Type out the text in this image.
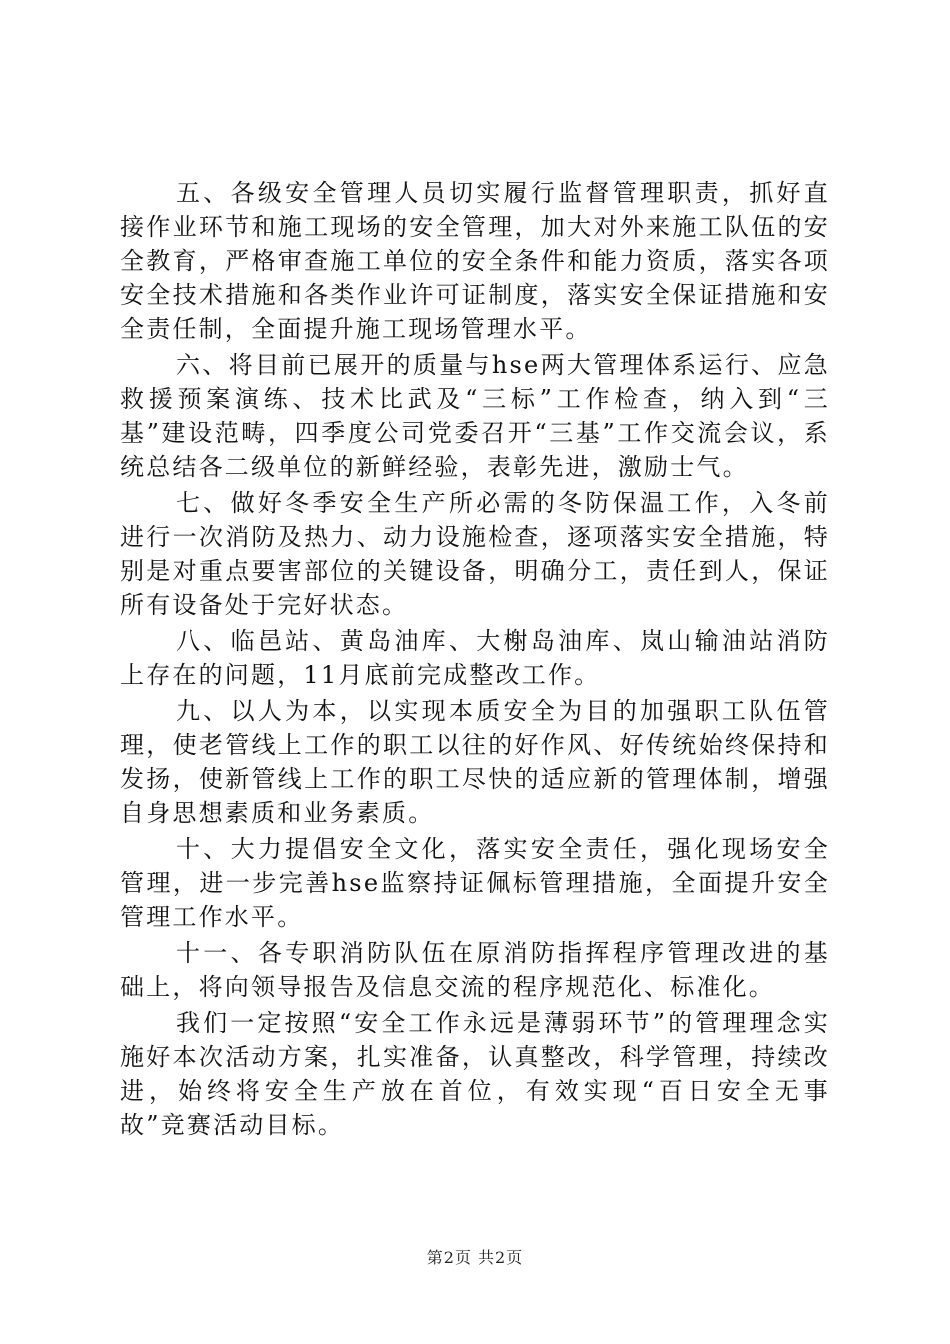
五、各级安全管理人员切实履行监督管理职责，抓好直接作业环节和施工现场的安全管理，加大对外来施工队伍的安全教育，严格审查施工单位的安全条件和能力资质，落实各项安全技术措施和各类作业许可证制度，落实安全保证措施和安全责任制，全面提升施工现场管理水平。

六、将目前已展开的质量与hse两大管理体系运行、应急救援预案演练、技术比武及“三标”工作检查，纳入到“三基”建设范畴，四季度公司党委召开“三基”工作交流会议，系统总结各二级单位的新鲜经验，表彰先进，激励士气。

七、做好冬季安全生产所必需的冬防保温工作，入冬前进行一次消防及热力、动力设施检查，逐项落实安全措施，特别是对重点要害部位的关键设备，明确分工，责任到人，保证所有设备处于完好状态。

八、临邑站、黄岛油库、大榭岛油库、岚山输油站消防上存在的问题，11月底前完成整改工作。

九、以人为本，以实现本质安全为目的加强职工队伍管理，使老管线上工作的职工以往的好作风、好传统始终保持和发扬，使新管线上工作的职工尽快的适应新的管理体制，增强自身思想素质和业务素质。

十、大力提倡安全文化，落实安全责任，强化现场安全管理，进一步完善hse监察持证佩标管理措施，全面提升安全管理工作水平。

十一、各专职消防队伍在原消防指挥程序管理改进的基础上，将向领导报告及信息交流的程序规范化、标准化。

我们一定按照“安全工作永远是薄弱环节”的管理理念实施好本次活动方案，扎实准备，认真整改，科学管理，持续改进，始终将安全生产放在首位，有效实现“百日安全无事故”竞赛活动目标。

第2页 共2页
